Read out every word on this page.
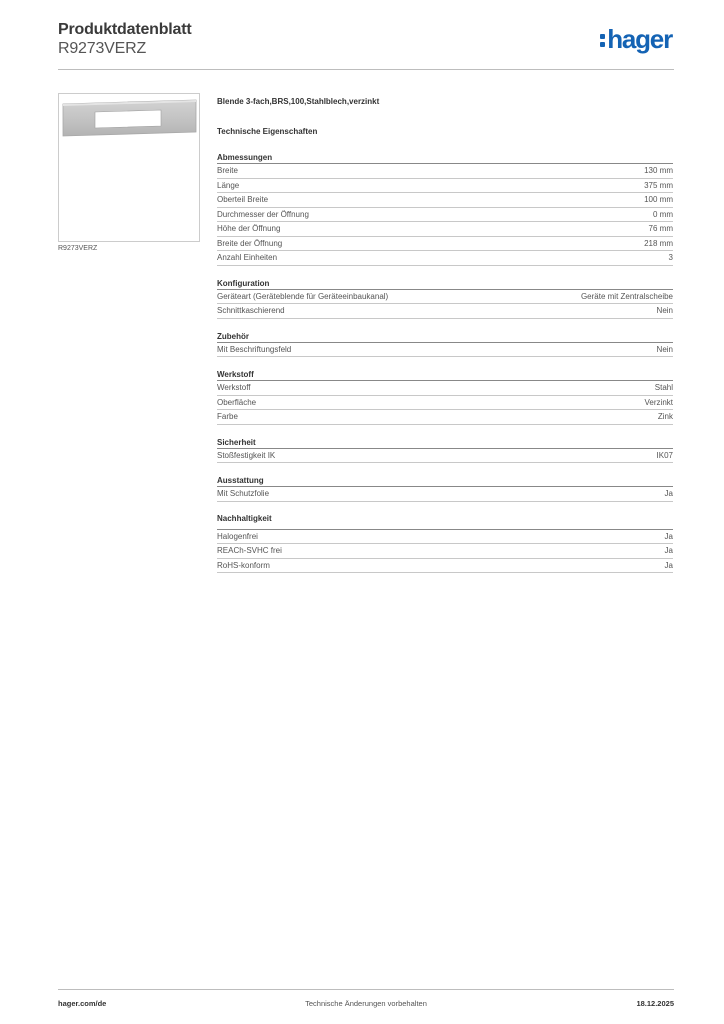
Produktdatenblatt
R9273VERZ	hager
R9273VERZ
Blende 3-fach,BRS,100,Stahlblech,verzinkt
Technische Eigenschaften
Abmessungen
Breite	130 mm
Länge	375 mm
Oberteil Breite	100 mm
Durchmesser der Öffnung	0 mm
Höhe der Öffnung	76 mm
Breite der Öffnung	218 mm
Anzahl Einheiten	3
Konfiguration
Geräteart (Geräteblende für Geräteeinbaukanal)	Geräte mit Zentralscheibe
Schnittkaschierend	Nein
Zubehör
Mit Beschriftungsfeld	Nein
Werkstoff
Werkstoff	Stahl
Oberfläche	Verzinkt
Farbe	Zink
Sicherheit
Stoßfestigkeit IK	IK07
Ausstattung
Mit Schutzfolie	Ja
Nachhaltigkeit
Halogenfrei	Ja
REACh-SVHC frei	Ja
RoHS-konform	Ja
hager.com/de	Technische Änderungen vorbehalten	18.12.2025
